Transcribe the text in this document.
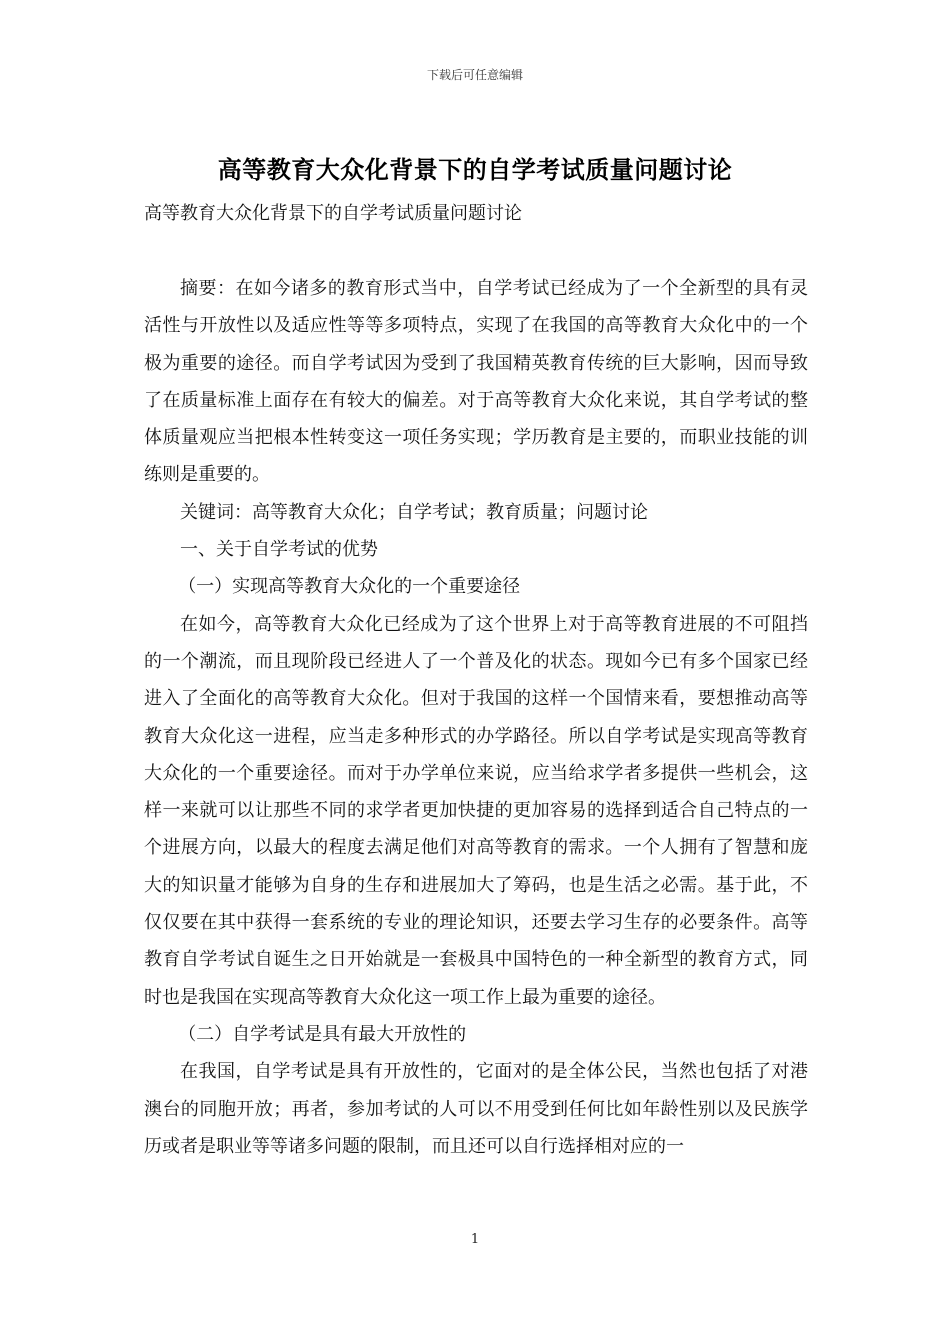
下载后可任意编辑
高等教育大众化背景下的自学考试质量问题讨论
高等教育大众化背景下的自学考试质量问题讨论

摘要：在如今诸多的教育形式当中，自学考试已经成为了一个全新型的具有灵活性与开放性以及适应性等等多项特点，实现了在我国的高等教育大众化中的一个极为重要的途径。而自学考试因为受到了我国精英教育传统的巨大影响，因而导致了在质量标准上面存在有较大的偏差。对于高等教育大众化来说，其自学考试的整体质量观应当把根本性转变这一项任务实现；学历教育是主要的，而职业技能的训练则是重要的。

关键词：高等教育大众化；自学考试；教育质量；问题讨论

一、关于自学考试的优势

（一）实现高等教育大众化的一个重要途径

在如今，高等教育大众化已经成为了这个世界上对于高等教育进展的不可阻挡的一个潮流，而且现阶段已经进人了一个普及化的状态。现如今已有多个国家已经进入了全面化的高等教育大众化。但对于我国的这样一个国情来看，要想推动高等教育大众化这一进程，应当走多种形式的办学路径。所以自学考试是实现高等教育大众化的一个重要途径。而对于办学单位来说，应当给求学者多提供一些机会，这样一来就可以让那些不同的求学者更加快捷的更加容易的选择到适合自己特点的一个进展方向，以最大的程度去满足他们对高等教育的需求。一个人拥有了智慧和庞大的知识量才能够为自身的生存和进展加大了筹码，也是生活之必需。基于此，不仅仅要在其中获得一套系统的专业的理论知识，还要去学习生存的必要条件。高等教育自学考试自诞生之日开始就是一套极具中国特色的一种全新型的教育方式，同时也是我国在实现高等教育大众化这一项工作上最为重要的途径。

（二）自学考试是具有最大开放性的

在我国，自学考试是具有开放性的，它面对的是全体公民，当然也包括了对港澳台的同胞开放；再者，参加考试的人可以不用受到任何比如年龄性别以及民族学历或者是职业等等诸多问题的限制，而且还可以自行选择相对应的一

1
